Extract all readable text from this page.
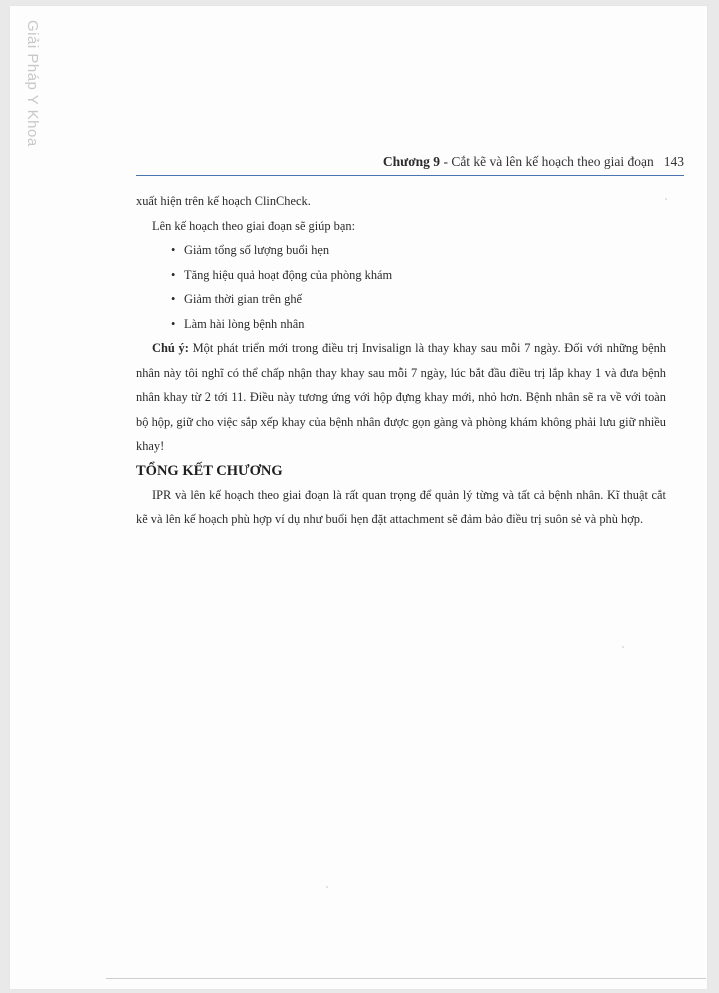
Giải Pháp Y Khoa
Chương 9 - Cắt kẽ và lên kế hoạch theo giai đoạn 143

xuất hiện trên kế hoạch ClinCheck.

Lên kế hoạch theo giai đoạn sẽ giúp bạn:

• Giảm tổng số lượng buổi hẹn
• Tăng hiệu quả hoạt động của phòng khám
• Giảm thời gian trên ghế
• Làm hài lòng bệnh nhân

Chú ý: Một phát triển mới trong điều trị Invisalign là thay khay sau mỗi 7 ngày. Đối với những bệnh nhân này tôi nghĩ có thể chấp nhận thay khay sau mỗi 7 ngày, lúc bắt đầu điều trị lắp khay 1 và đưa bệnh nhân khay từ 2 tới 11. Điều này tương ứng với hộp đựng khay mới, nhỏ hơn. Bệnh nhân sẽ ra về với toàn bộ hộp, giữ cho việc sắp xếp khay của bệnh nhân được gọn gàng và phòng khám không phải lưu giữ nhiều khay!

TỔNG KẾT CHƯƠNG

IPR và lên kế hoạch theo giai đoạn là rất quan trọng để quản lý từng và tất cả bệnh nhân. Kĩ thuật cắt kẽ và lên kế hoạch phù hợp ví dụ như buổi hẹn đặt attachment sẽ đảm bảo điều trị suôn sẻ và phù hợp.
